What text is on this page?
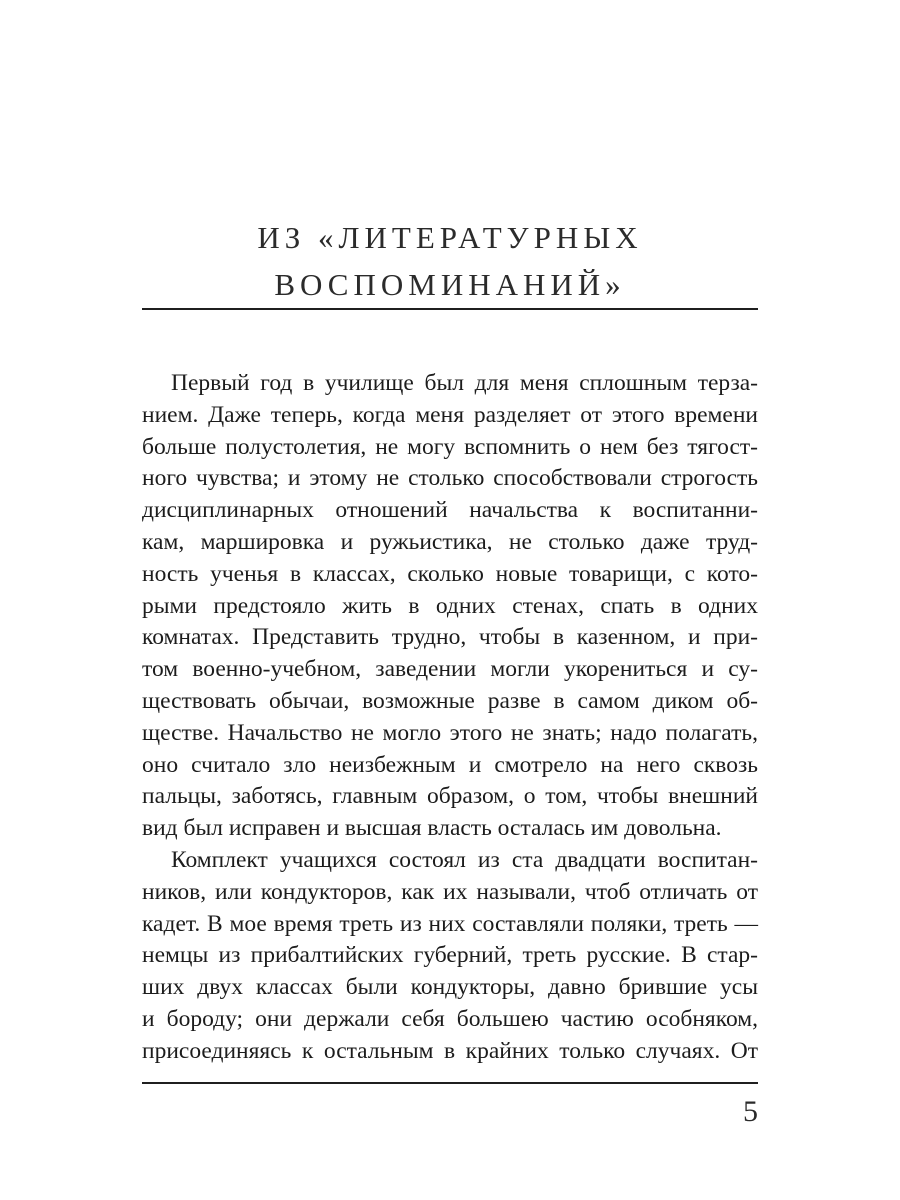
ИЗ «ЛИТЕРАТУРНЫХ
ВОСПОМИНАНИЙ»
Первый год в училище был для меня сплошным терза-
нием. Даже теперь, когда меня разделяет от этого времени
больше полустолетия, не могу вспомнить о нем без тягост-
ного чувства; и этому не столько способствовали строгость
дисциплинарных отношений начальства к воспитанни-
кам, маршировка и ружьистика, не столько даже труд-
ность ученья в классах, сколько новые товарищи, с кото-
рыми предстояло жить в одних стенах, спать в одних
комнатах. Представить трудно, чтобы в казенном, и при-
том военно-учебном, заведении могли укорениться и су-
ществовать обычаи, возможные разве в самом диком об-
ществе. Начальство не могло этого не знать; надо полагать,
оно считало зло неизбежным и смотрело на него сквозь
пальцы, заботясь, главным образом, о том, чтобы внешний
вид был исправен и высшая власть осталась им довольна.
Комплект учащихся состоял из ста двадцати воспитан-
ников, или кондукторов, как их называли, чтоб отличать от
кадет. В мое время треть из них составляли поляки, треть —
немцы из прибалтийских губерний, треть русские. В стар-
ших двух классах были кондукторы, давно брившие усы
и бороду; они держали себя большею частию особняком,
присоединяясь к остальным в крайних только случаях. От
5
